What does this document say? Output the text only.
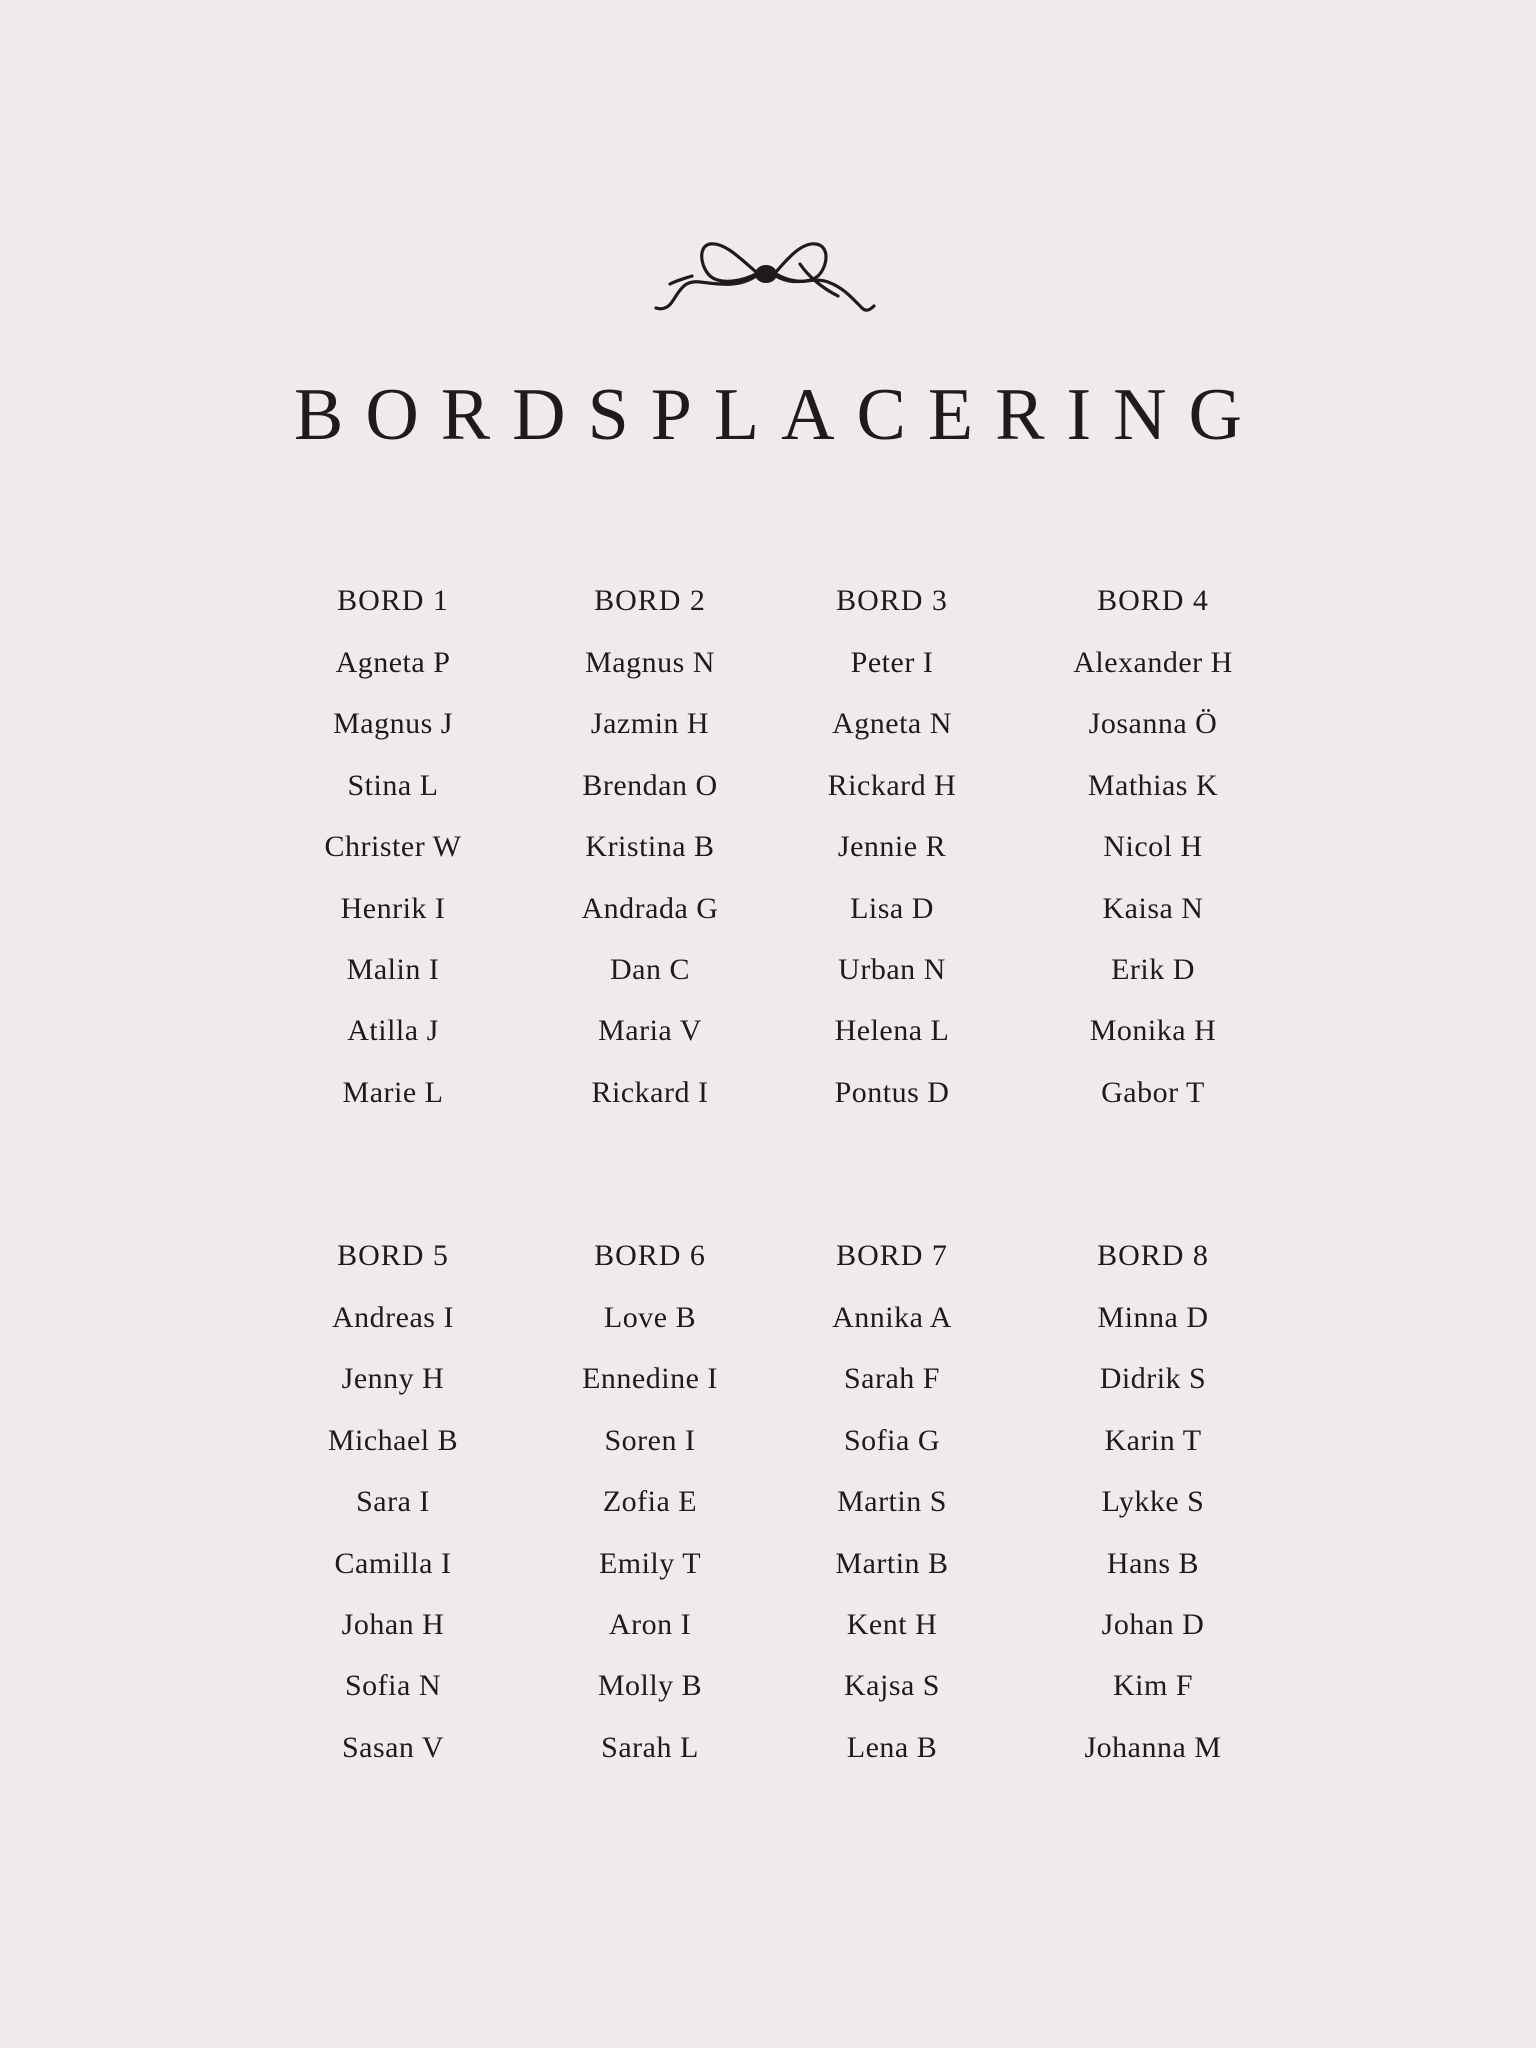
BORDSPLACERING
BORD 1
Agneta P
Magnus J
Stina L
Christer W
Henrik I
Malin I
Atilla J
Marie L
BORD 2
Magnus N
Jazmin H
Brendan O
Kristina B
Andrada G
Dan C
Maria V
Rickard I
BORD 3
Peter I
Agneta N
Rickard H
Jennie R
Lisa D
Urban N
Helena L
Pontus D
BORD 4
Alexander H
Josanna Ö
Mathias K
Nicol H
Kaisa N
Erik D
Monika H
Gabor T
BORD 5
Andreas I
Jenny H
Michael B
Sara I
Camilla I
Johan H
Sofia N
Sasan V
BORD 6
Love B
Ennedine I
Soren I
Zofia E
Emily T
Aron I
Molly B
Sarah L
BORD 7
Annika A
Sarah F
Sofia G
Martin S
Martin B
Kent H
Kajsa S
Lena B
BORD 8
Minna D
Didrik S
Karin T
Lykke S
Hans B
Johan D
Kim F
Johanna M
